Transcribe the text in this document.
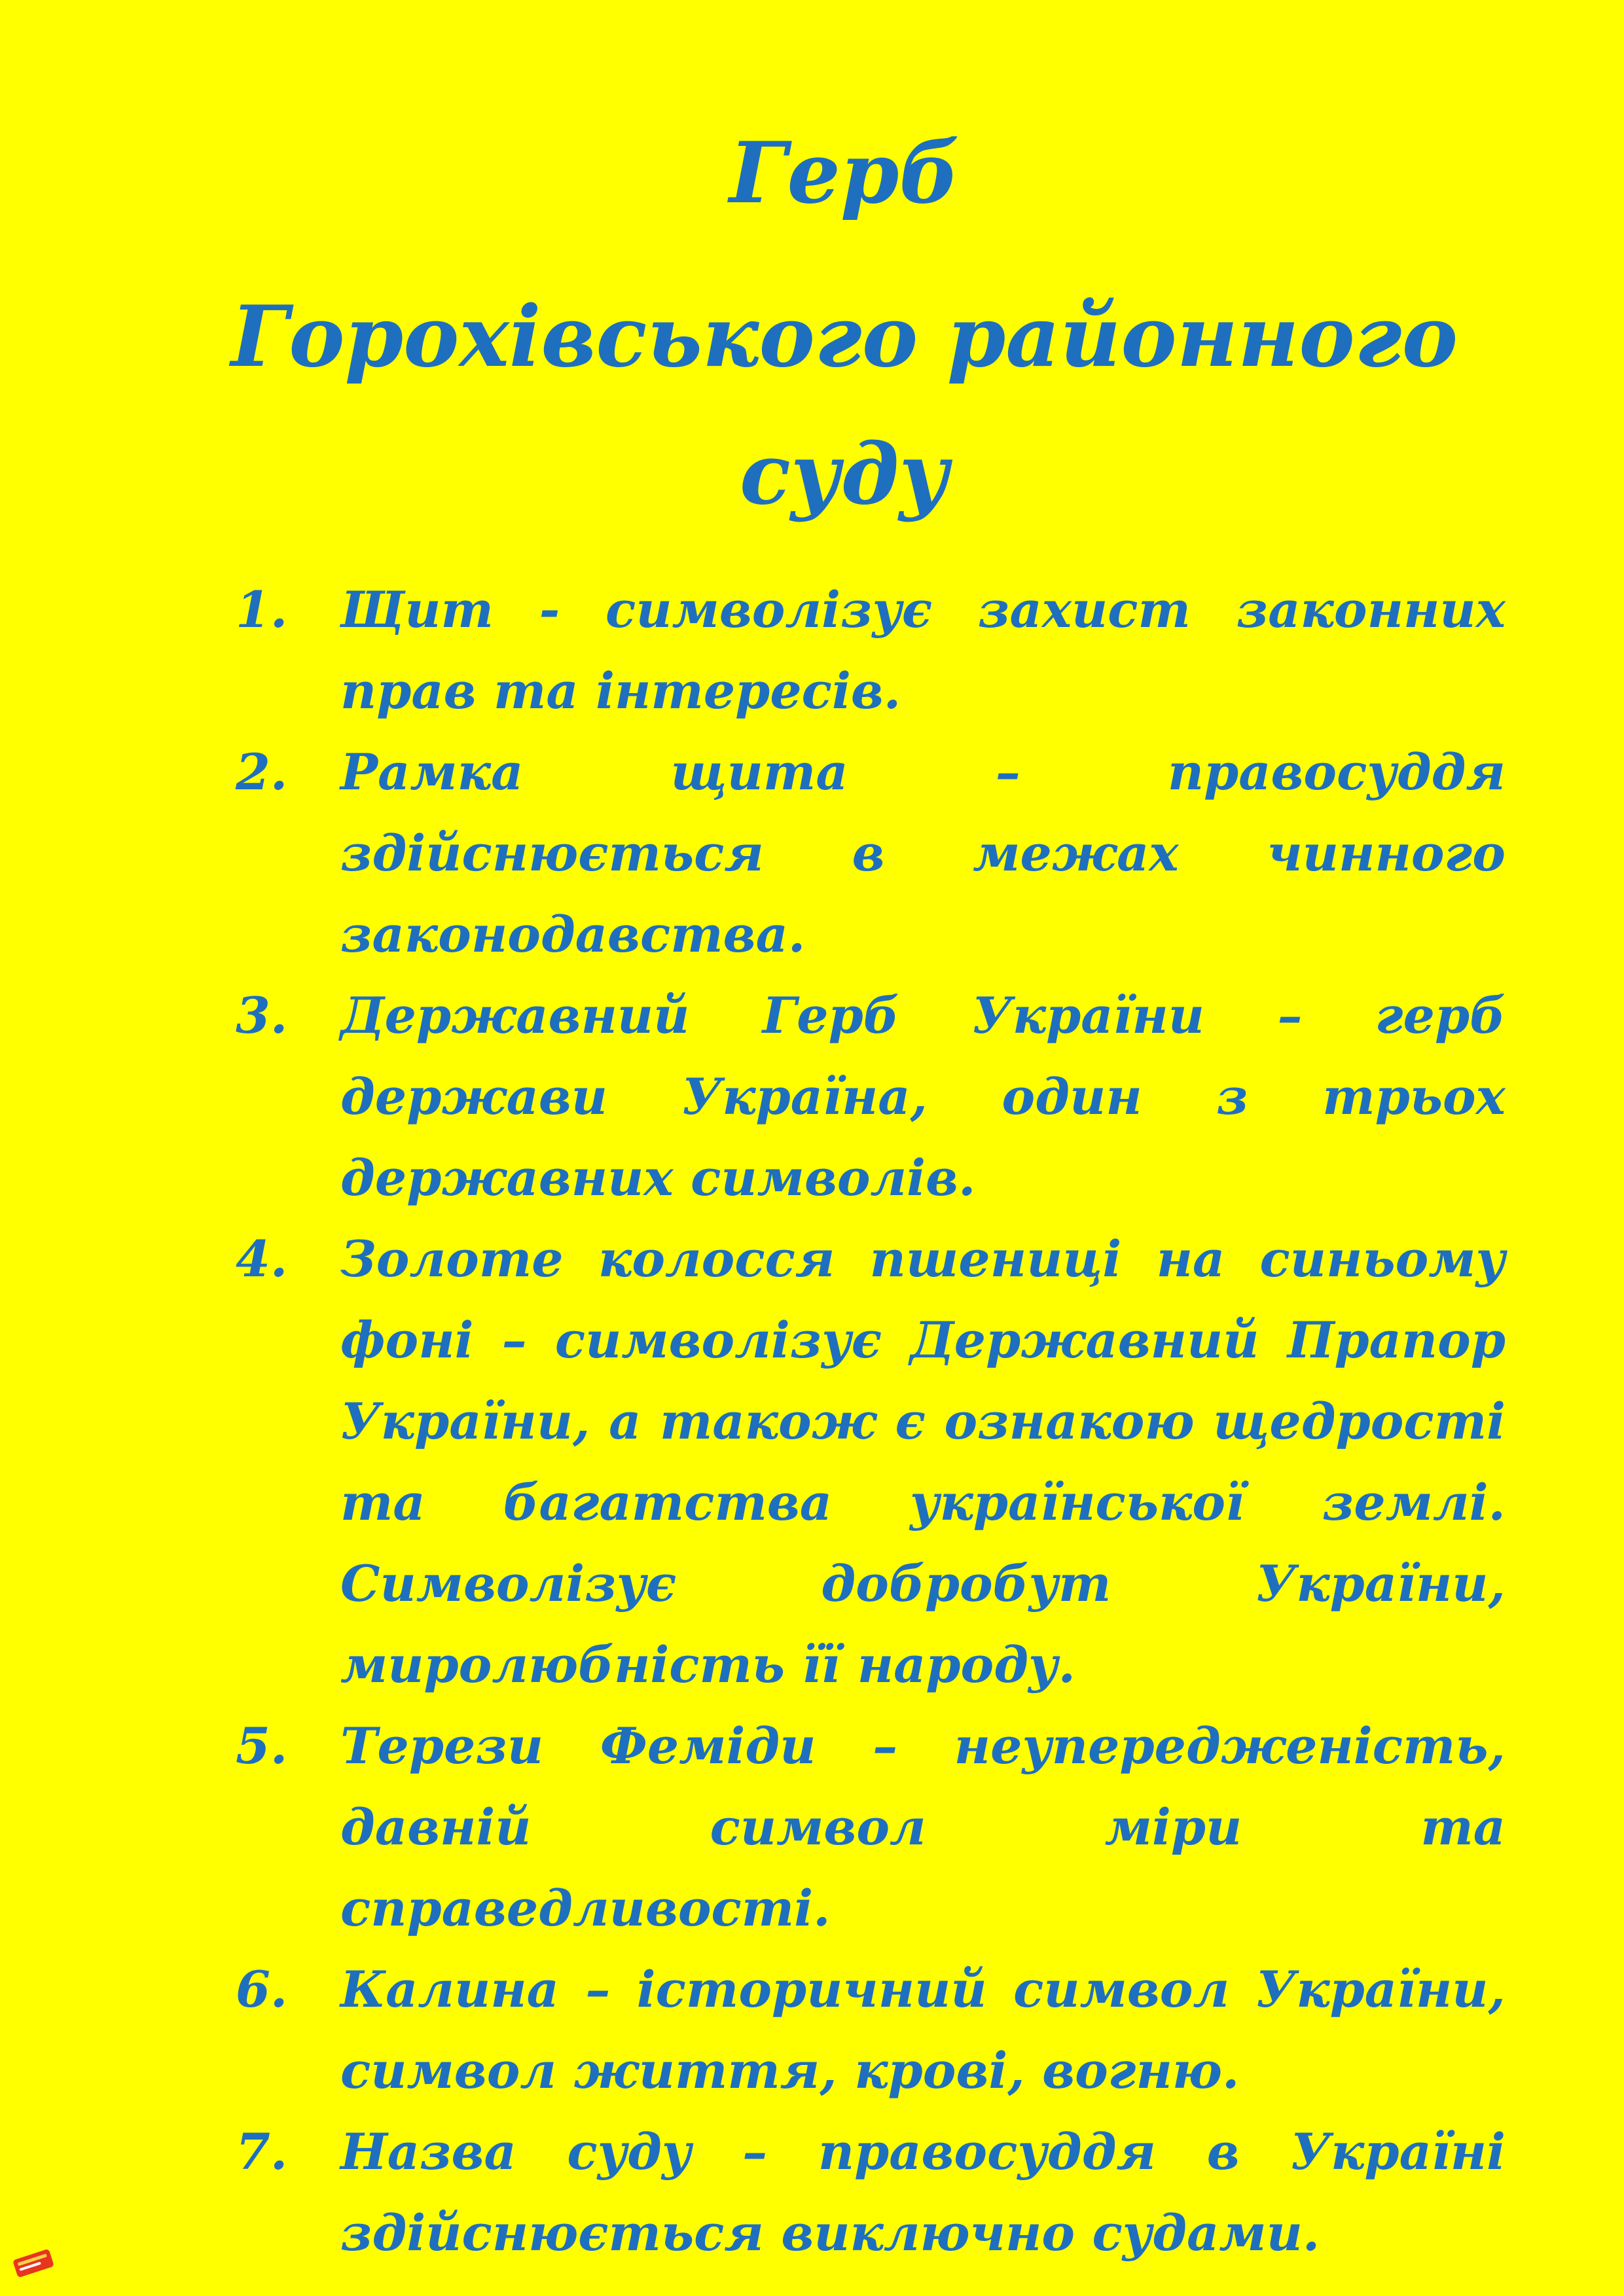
Герб
Горохівського районного
суду
1.	Щит - символізує захист законних прав та інтересів.
2.	Рамка щита – правосуддя здійснюється в межах чинного законодавства.
3.	Державний Герб України – герб держави Україна, один з трьох державних символів.
4.	Золоте колосся пшениці на синьому фоні – символізує Державний Прапор України, а також є ознакою щедрості та багатства української землі. Символізує добробут України, миролюбність її народу.
5.	Терези Феміди – неупередженість, давній символ міри та справедливості.
6.	Калина – історичний символ України, символ життя, крові, вогню.
7.	Назва суду – правосуддя в Україні здійснюється виключно судами.
